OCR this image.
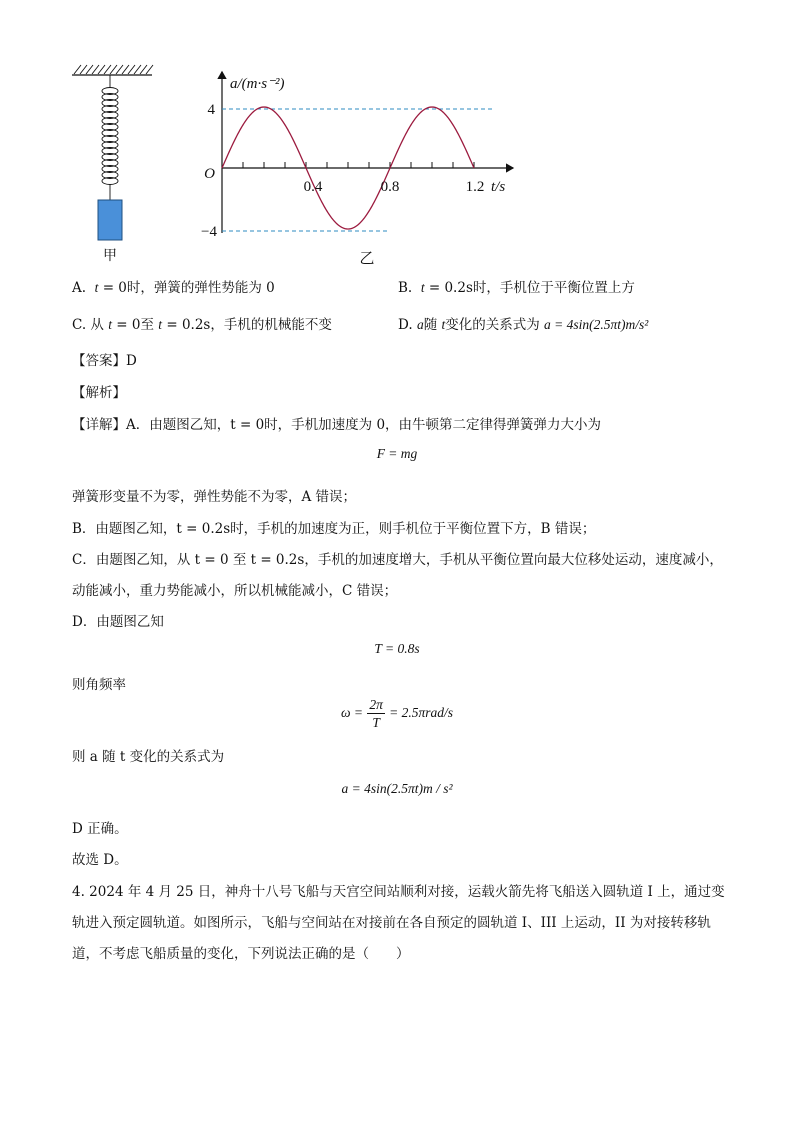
甲
a/(m·s⁻²)
4
O
−4
0.4	0.8	1.2 t/s
乙
A. t = 0时，弹簧的弹性势能为 0	B. t = 0.2s时，手机位于平衡位置上方
C. 从 t = 0至 t = 0.2s，手机的机械能不变	D. a随 t变化的关系式为 a = 4sin(2.5πt)m/s²
【答案】D
【解析】
【详解】A．由题图乙知，t = 0时，手机加速度为 0，由牛顿第二定律得弹簧弹力大小为
F = mg
弹簧形变量不为零，弹性势能不为零，A 错误；
B．由题图乙知，t = 0.2s时，手机的加速度为正，则手机位于平衡位置下方，B 错误；
C．由题图乙知，从 t = 0 至 t = 0.2s，手机的加速度增大，手机从平衡位置向最大位移处运动，速度减小，
动能减小，重力势能减小，所以机械能减小，C 错误；
D．由题图乙知
T = 0.8s
则角频率
$\omega = \frac{2\pi}{T} = 2.5\pi rad/s$
则 a 随 t 变化的关系式为
a = 4sin(2.5πt)m / s²
D 正确。
故选 D。
4. 2024 年 4 月 25 日，神舟十八号飞船与天宫空间站顺利对接，运载火箭先将飞船送入圆轨道 I 上，通过变
轨进入预定圆轨道。如图所示，飞船与空间站在对接前在各自预定的圆轨道 I、III 上运动，II 为对接转移轨
道，不考虑飞船质量的变化，下列说法正确的是（　　）
